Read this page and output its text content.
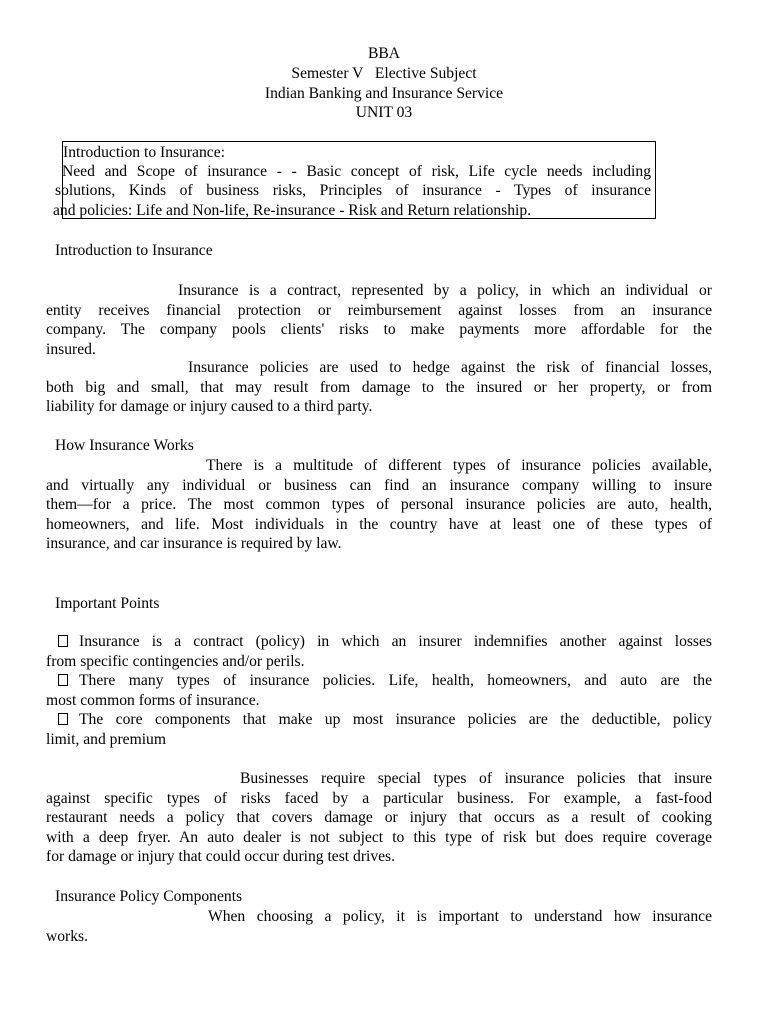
BBA
Semester V   Elective Subject
Indian Banking and Insurance Service
UNIT 03
Introduction to Insurance:
Need and Scope of insurance - - Basic concept of risk, Life cycle needs including
solutions, Kinds of business risks, Principles of insurance - Types of insurance
and policies: Life and Non-life, Re-insurance - Risk and Return relationship.
Introduction to Insurance
Insurance is a contract, represented by a policy, in which an individual or
entity receives financial protection or reimbursement against losses from an insurance
company. The company pools clients' risks to make payments more affordable for the
insured.
Insurance policies are used to hedge against the risk of financial losses,
both big and small, that may result from damage to the insured or her property, or from
liability for damage or injury caused to a third party.
How Insurance Works
There is a multitude of different types of insurance policies available,
and virtually any individual or business can find an insurance company willing to insure
them—for a price. The most common types of personal insurance policies are auto, health,
homeowners, and life. Most individuals in the country have at least one of these types of
insurance, and car insurance is required by law.
Important Points
Insurance is a contract (policy) in which an insurer indemnifies another against losses
from specific contingencies and/or perils.
There many types of insurance policies. Life, health, homeowners, and auto are the
most common forms of insurance.
The core components that make up most insurance policies are the deductible, policy
limit, and premium
Businesses require special types of insurance policies that insure
against specific types of risks faced by a particular business. For example, a fast-food
restaurant needs a policy that covers damage or injury that occurs as a result of cooking
with a deep fryer. An auto dealer is not subject to this type of risk but does require coverage
for damage or injury that could occur during test drives.
Insurance Policy Components
When choosing a policy, it is important to understand how insurance
works.
